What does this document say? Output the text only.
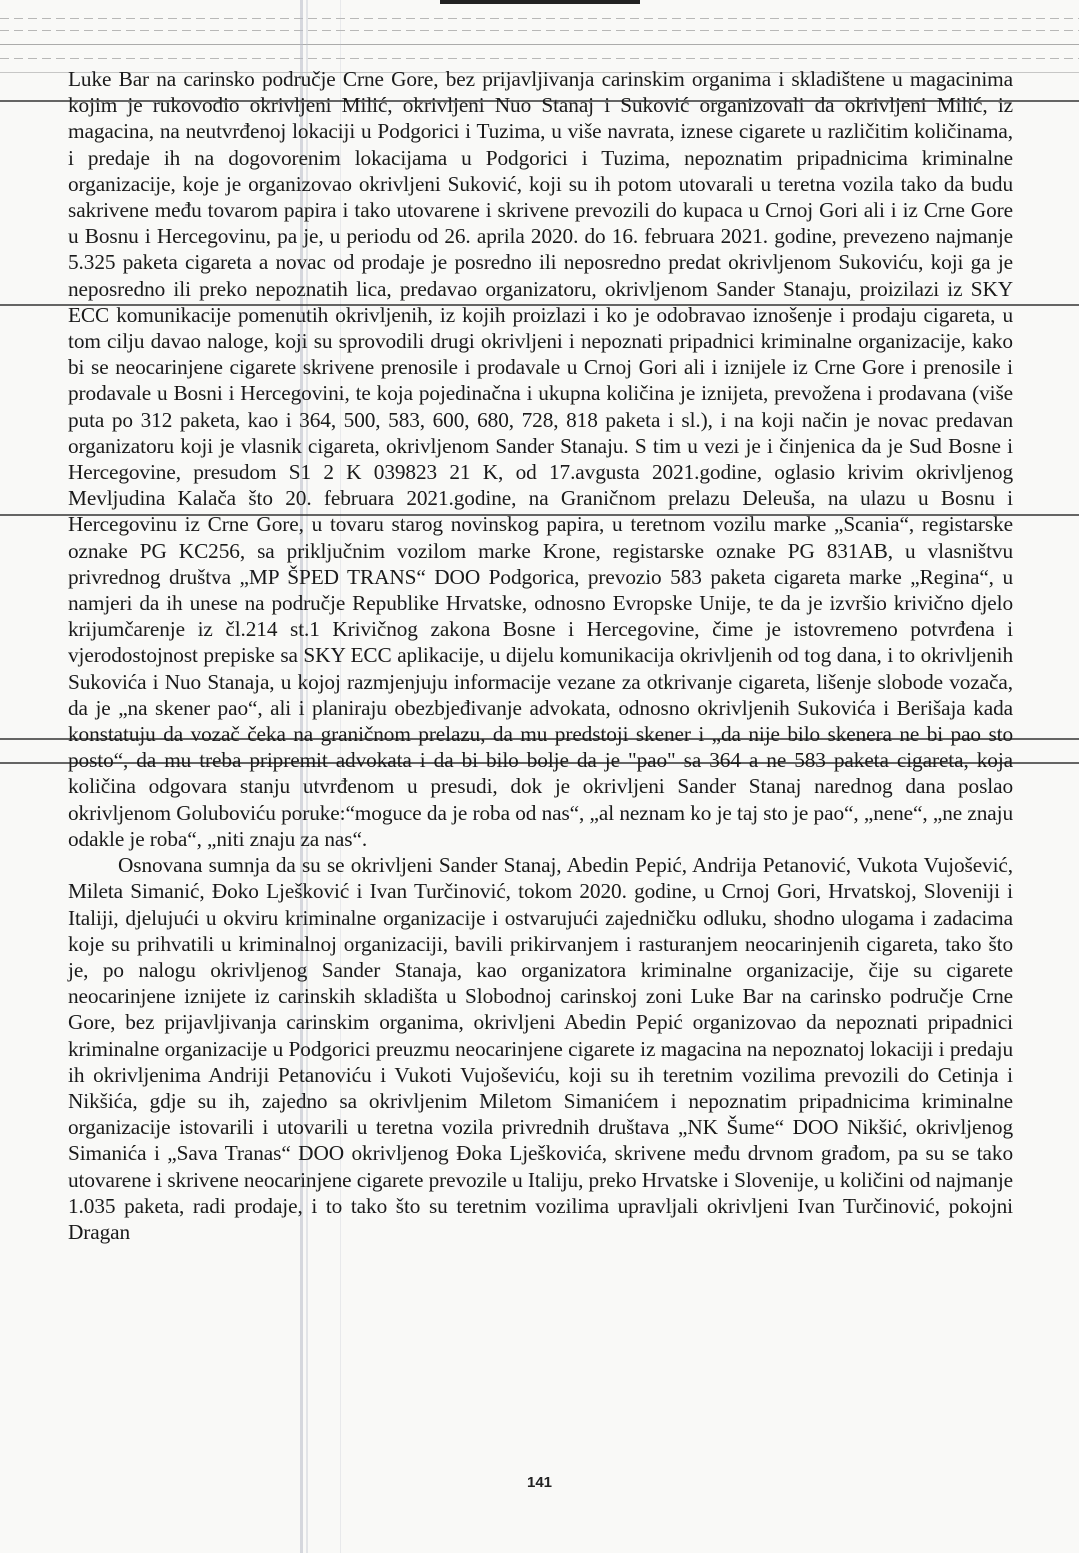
Luke Bar na carinsko područje Crne Gore, bez prijavljivanja carinskim organima i skladištene u magacinima kojim je rukovodio okrivljeni Milić, okrivljeni Nuo Stanaj i Suković organizovali da okrivljeni Milić, iz magacina, na neutvrđenoj lokaciji u Podgorici i Tuzima, u više navrata, iznese cigarete u različitim količinama, i predaje ih na dogovorenim lokacijama u Podgorici i Tuzima, nepoznatim pripadnicima kriminalne organizacije, koje je organizovao okrivljeni Suković, koji su ih potom utovarali u teretna vozila tako da budu sakrivene među tovarom papira i tako utovarene i skrivene prevozili do kupaca u Crnoj Gori ali i iz Crne Gore u Bosnu i Hercegovinu, pa je, u periodu od 26. aprila 2020. do 16. februara 2021. godine, prevezeno najmanje 5.325 paketa cigareta a novac od prodaje je posredno ili neposredno predat okrivljenom Sukoviću, koji ga je neposredno ili preko nepoznatih lica, predavao organizatoru, okrivljenom Sander Stanaju, proizilazi iz SKY ECC komunikacije pomenutih okrivljenih, iz kojih proizlazi i ko je odobravao iznošenje i prodaju cigareta, u tom cilju davao naloge, koji su sprovodili drugi okrivljeni i nepoznati pripadnici kriminalne organizacije, kako bi se neocarinjene cigarete skrivene prenosile i prodavale u Crnoj Gori ali i iznijele iz Crne Gore i prenosile i prodavale u Bosni i Hercegovini, te koja pojedinačna i ukupna količina je iznijeta, prevožena i prodavana (više puta po 312 paketa, kao i 364, 500, 583, 600, 680, 728, 818 paketa i sl.), i na koji način je novac predavan organizatoru koji je vlasnik cigareta, okrivljenom Sander Stanaju. S tim u vezi je i činjenica da je Sud Bosne i Hercegovine, presudom S1 2 K 039823 21 K, od 17.avgusta 2021.godine, oglasio krivim okrivljenog Mevljudina Kalača što 20. februara 2021.godine, na Graničnom prelazu Deleuša, na ulazu u Bosnu i Hercegovinu iz Crne Gore, u tovaru starog novinskog papira, u teretnom vozilu marke „Scania“, registarske oznake PG KC256, sa priključnim vozilom marke Krone, registarske oznake PG 831AB, u vlasništvu privrednog društva „MP ŠPED TRANS“ DOO Podgorica, prevozio 583 paketa cigareta marke „Regina“, u namjeri da ih unese na područje Republike Hrvatske, odnosno Evropske Unije, te da je izvršio krivično djelo krijumčarenje iz čl.214 st.1 Krivičnog zakona Bosne i Hercegovine, čime je istovremeno potvrđena i vjerodostojnost prepiske sa SKY ECC aplikacije, u dijelu komunikacija okrivljenih od tog dana, i to okrivljenih Sukovića i Nuo Stanaja, u kojoj razmjenjuju informacije vezane za otkrivanje cigareta, lišenje slobode vozača, da je „na skener pao“, ali i planiraju obezbjeđivanje advokata, odnosno okrivljenih Sukovića i Berišaja kada konstatuju da vozač čeka na graničnom prelazu, da mu predstoji skener i „da nije bilo skenera ne bi pao sto posto“, da mu treba pripremit advokata i da bi bilo bolje da je "pao" sa 364 a ne 583 paketa cigareta, koja količina odgovara stanju utvrđenom u presudi, dok je okrivljeni Sander Stanaj narednog dana poslao okrivljenom Goluboviću poruke:“moguce da je roba od nas“, „al neznam ko je taj sto je pao“, „nene“, „ne znaju odakle je roba“, „niti znaju za nas“.

Osnovana sumnja da su se okrivljeni Sander Stanaj, Abedin Pepić, Andrija Petanović, Vukota Vujošević, Mileta Simanić, Đoko Lješković i Ivan Turčinović, tokom 2020. godine, u Crnoj Gori, Hrvatskoj, Sloveniji i Italiji, djelujući u okviru kriminalne organizacije i ostvarujući zajedničku odluku, shodno ulogama i zadacima koje su prihvatili u kriminalnoj organizaciji, bavili prikirvanjem i rasturanjem neocarinjenih cigareta, tako što je, po nalogu okrivljenog Sander Stanaja, kao organizatora kriminalne organizacije, čije su cigarete neocarinjene iznijete iz carinskih skladišta u Slobodnoj carinskoj zoni Luke Bar na carinsko područje Crne Gore, bez prijavljivanja carinskim organima, okrivljeni Abedin Pepić organizovao da nepoznati pripadnici kriminalne organizacije u Podgorici preuzmu neocarinjene cigarete iz magacina na nepoznatoj lokaciji i predaju ih okrivljenima Andriji Petanoviću i Vukoti Vujoševiću, koji su ih teretnim vozilima prevozili do Cetinja i Nikšića, gdje su ih, zajedno sa okrivljenim Miletom Simanićem i nepoznatim pripadnicima kriminalne organizacije istovarili i utovarili u teretna vozila privrednih društava „NK Šume“ DOO Nikšić, okrivljenog Simanića i „Sava Tranas“ DOO okrivljenog Đoka Lješkovića, skrivene među drvnom građom, pa su se tako utovarene i skrivene neocarinjene cigarete prevozile u Italiju, preko Hrvatske i Slovenije, u količini od najmanje 1.035 paketa, radi prodaje, i to tako što su teretnim vozilima upravljali okrivljeni Ivan Turčinović, pokojni Dragan

141
